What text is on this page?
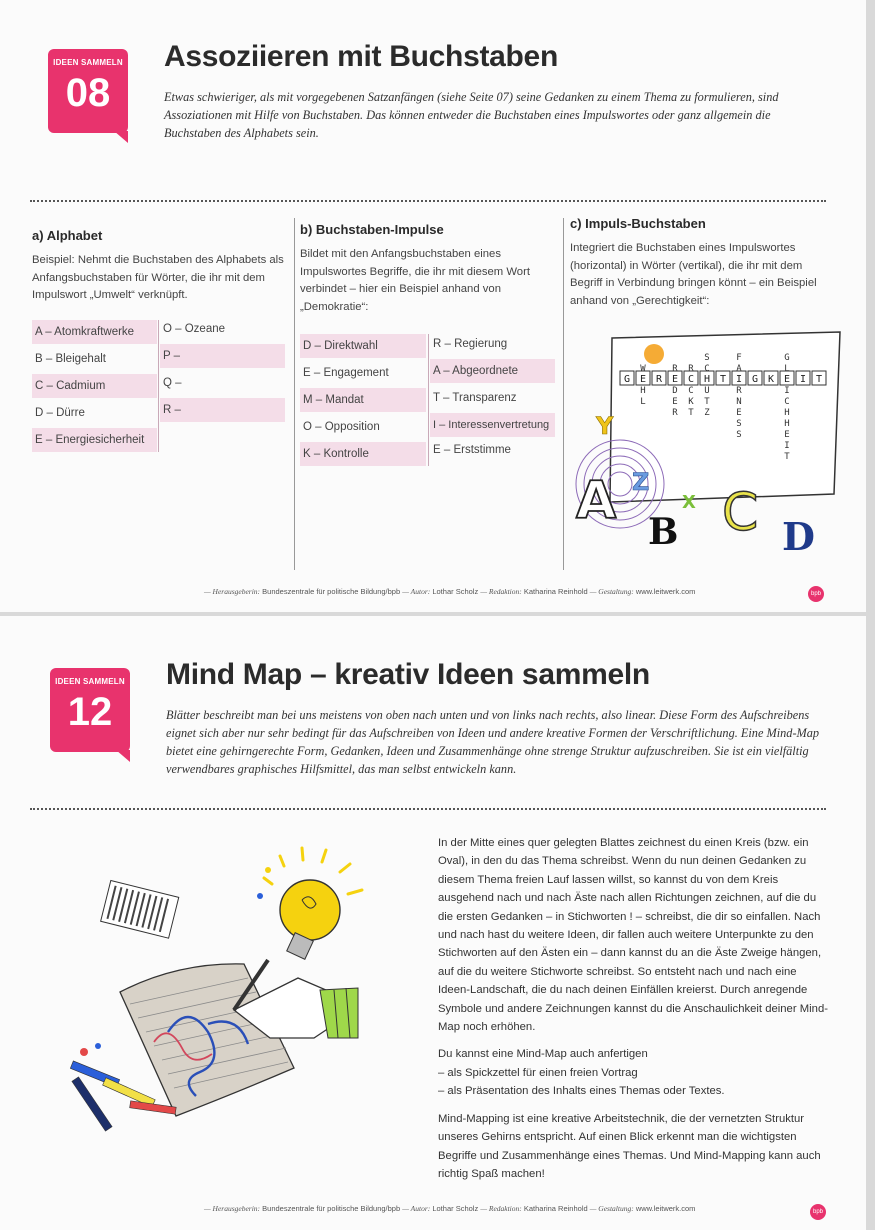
IDEEN SAMMELN
08
Assoziieren mit Buchstaben
Etwas schwieriger, als mit vorgegebenen Satzanfängen (siehe Seite 07) seine Gedanken zu einem Thema zu formulieren, sind Assoziationen mit Hilfe von Buchstaben. Das können entweder die Buchstaben eines Impulswortes oder ganz allgemein die Buchstaben des Alphabets sein.
a) Alphabet
Beispiel: Nehmt die Buchstaben des Alphabets als Anfangsbuchstaben für Wörter, die ihr mit dem Impulswort „Umwelt“ verknüpft.
A – Atomkraftwerke
B – Bleigehalt
C – Cadmium
D – Dürre
E – Energiesicherheit
O – Ozeane
P –
Q –
R –
b) Buchstaben-Impulse
Bildet mit den Anfangsbuchstaben eines Impulswortes Begriffe, die ihr mit diesem Wort verbindet – hier ein Beispiel anhand von „Demokratie“:
D – Direktwahl
E – Engagement
M – Mandat
O – Opposition
K – Kontrolle
R – Regierung
A – Abgeordnete
T – Transparenz
I – Interessenvertretung
E – Erststimme
c) Impuls-Buchstaben
Integriert die Buchstaben eines Impulswortes (horizontal) in Wörter (vertikal), die ihr mit dem Begriff in Verbindung bringen könnt – ein Beispiel anhand von „Gerechtigkeit“:
G E R E C H T I G K E I T
W
H
L
R
D
E
R
R
C
K
T
S
C
U
T
Z
F
A
R
N
E
S
S
G
L
I
C
H
H
E
I
T
A
B C D
Y
Z
X
— Herausgeberin: Bundeszentrale für politische Bildung/bpb — Autor: Lothar Scholz — Redaktion: Katharina Reinhold — Gestaltung: www.leitwerk.com	bpb
IDEEN SAMMELN
12
Mind Map – kreativ Ideen sammeln
Blätter beschreibt man bei uns meistens von oben nach unten und von links nach rechts, also linear. Diese Form des Aufschreibens eignet sich aber nur sehr bedingt für das Aufschreiben von Ideen und andere kreative Formen der Verschriftlichung. Eine Mind-Map bietet eine gehirngerechte Form, Gedanken, Ideen und Zusammenhänge ohne strenge Struktur aufzuschreiben. Sie ist ein vielfältig verwendbares graphisches Hilfsmittel, das man selbst entwickeln kann.

In der Mitte eines quer gelegten Blattes zeichnest du einen Kreis (bzw. ein Oval), in den du das Thema schreibst. Wenn du nun deinen Gedanken zu diesem Thema freien Lauf lassen willst, so kannst du von dem Kreis ausgehend nach und nach Äste nach allen Richtungen zeichnen, auf die du die ersten Gedanken – in Stichworten ! – schreibst, die dir so einfallen. Nach und nach hast du weitere Ideen, dir fallen auch weitere Unterpunkte zu den Stichworten auf den Ästen ein – dann kannst du an die Äste Zweige hängen, auf die du weitere Stichworte schreibst. So entsteht nach und nach eine Ideen-Landschaft, die du nach deinen Einfällen kreierst. Durch anregende Symbole und andere Zeichnungen kannst du die Anschaulichkeit deiner Mind-Map noch erhöhen.

Du kannst eine Mind-Map auch anfertigen
– als Spickzettel für einen freien Vortrag
– als Präsentation des Inhalts eines Themas oder Textes.

Mind-Mapping ist eine kreative Arbeitstechnik, die der vernetzten Struktur unseres Gehirns entspricht. Auf einen Blick erkennt man die wichtigsten Begriffe und Zusammenhänge eines Themas. Und Mind-Mapping kann auch richtig Spaß machen!

— Herausgeberin: Bundeszentrale für politische Bildung/bpb — Autor: Lothar Scholz — Redaktion: Katharina Reinhold — Gestaltung: www.leitwerk.com	bpb
